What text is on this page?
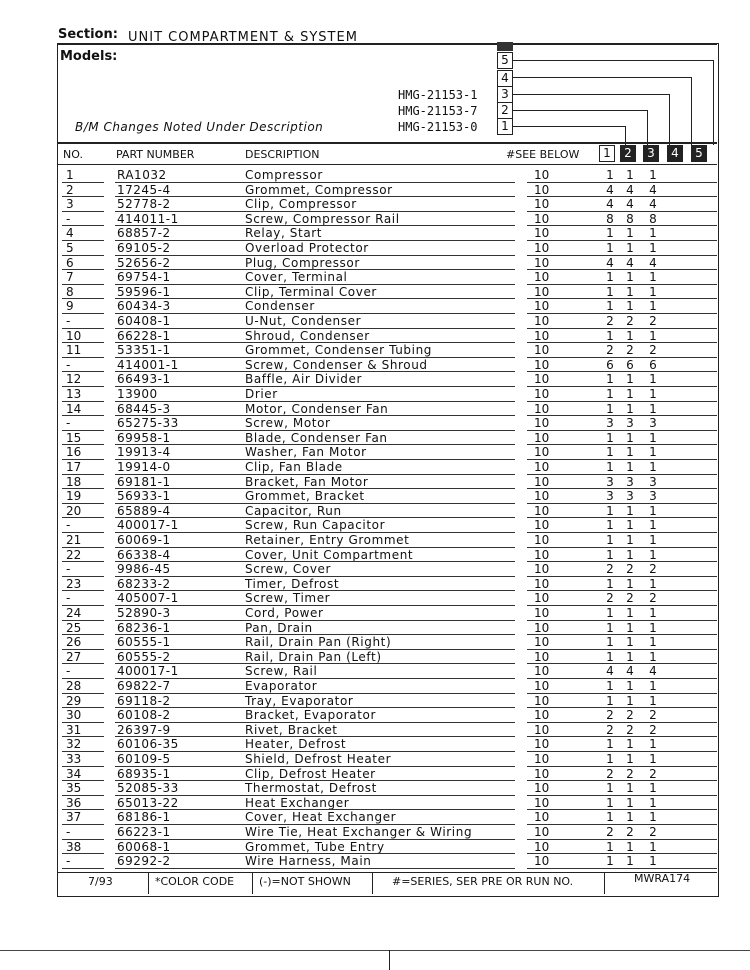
Section: UNIT COMPARTMENT & SYSTEM
Models:
B/M Changes Noted Under Description
5
4
3
2
1
HMG-21153-1
HMG-21153-7
HMG-21153-0
NO.	PART NUMBER	DESCRIPTION	#SEE BELOW	1	2	3	4	5
1	RA1032	Compressor	10	1 1 1
2	17245-4	Grommet, Compressor	10	4 4 4
3	52778-2	Clip, Compressor	10	4 4 4
-	414011-1	Screw, Compressor Rail	10	8 8 8
4	68857-2	Relay, Start	10	1 1 1
5	69105-2	Overload Protector	10	1 1 1
6	52656-2	Plug, Compressor	10	4 4 4
7	69754-1	Cover, Terminal	10	1 1 1
8	59596-1	Clip, Terminal Cover	10	1 1 1
9	60434-3	Condenser	10	1 1 1
-	60408-1	U-Nut, Condenser	10	2 2 2
10	66228-1	Shroud, Condenser	10	1 1 1
11	53351-1	Grommet, Condenser Tubing	10	2 2 2
-	414001-1	Screw, Condenser & Shroud	10	6 6 6
12	66493-1	Baffle, Air Divider	10	1 1 1
13	13900	Drier	10	1 1 1
14	68445-3	Motor, Condenser Fan	10	1 1 1
-	65275-33	Screw, Motor	10	3 3 3
15	69958-1	Blade, Condenser Fan	10	1 1 1
16	19913-4	Washer, Fan Motor	10	1 1 1
17	19914-0	Clip, Fan Blade	10	1 1 1
18	69181-1	Bracket, Fan Motor	10	3 3 3
19	56933-1	Grommet, Bracket	10	3 3 3
20	65889-4	Capacitor, Run	10	1 1 1
-	400017-1	Screw, Run Capacitor	10	1 1 1
21	60069-1	Retainer, Entry Grommet	10	1 1 1
22	66338-4	Cover, Unit Compartment	10	1 1 1
-	9986-45	Screw, Cover	10	2 2 2
23	68233-2	Timer, Defrost	10	1 1 1
-	405007-1	Screw, Timer	10	2 2 2
24	52890-3	Cord, Power	10	1 1 1
25	68236-1	Pan, Drain	10	1 1 1
26	60555-1	Rail, Drain Pan (Right)	10	1 1 1
27	60555-2	Rail, Drain Pan (Left)	10	1 1 1
-	400017-1	Screw, Rail	10	4 4 4
28	69822-7	Evaporator	10	1 1 1
29	69118-2	Tray, Evaporator	10	1 1 1
30	60108-2	Bracket, Evaporator	10	2 2 2
31	26397-9	Rivet, Bracket	10	2 2 2
32	60106-35	Heater, Defrost	10	1 1 1
33	60109-5	Shield, Defrost Heater	10	1 1 1
34	68935-1	Clip, Defrost Heater	10	2 2 2
35	52085-33	Thermostat, Defrost	10	1 1 1
36	65013-22	Heat Exchanger	10	1 1 1
37	68186-1	Cover, Heat Exchanger	10	1 1 1
-	66223-1	Wire Tie, Heat Exchanger & Wiring	10	2 2 2
38	60068-1	Grommet, Tube Entry	10	1 1 1
-	69292-2	Wire Harness, Main	10	1 1 1
7/93	*COLOR CODE (-)=NOT SHOWN	#=SERIES, SER PRE OR RUN NO.	MWRA174
